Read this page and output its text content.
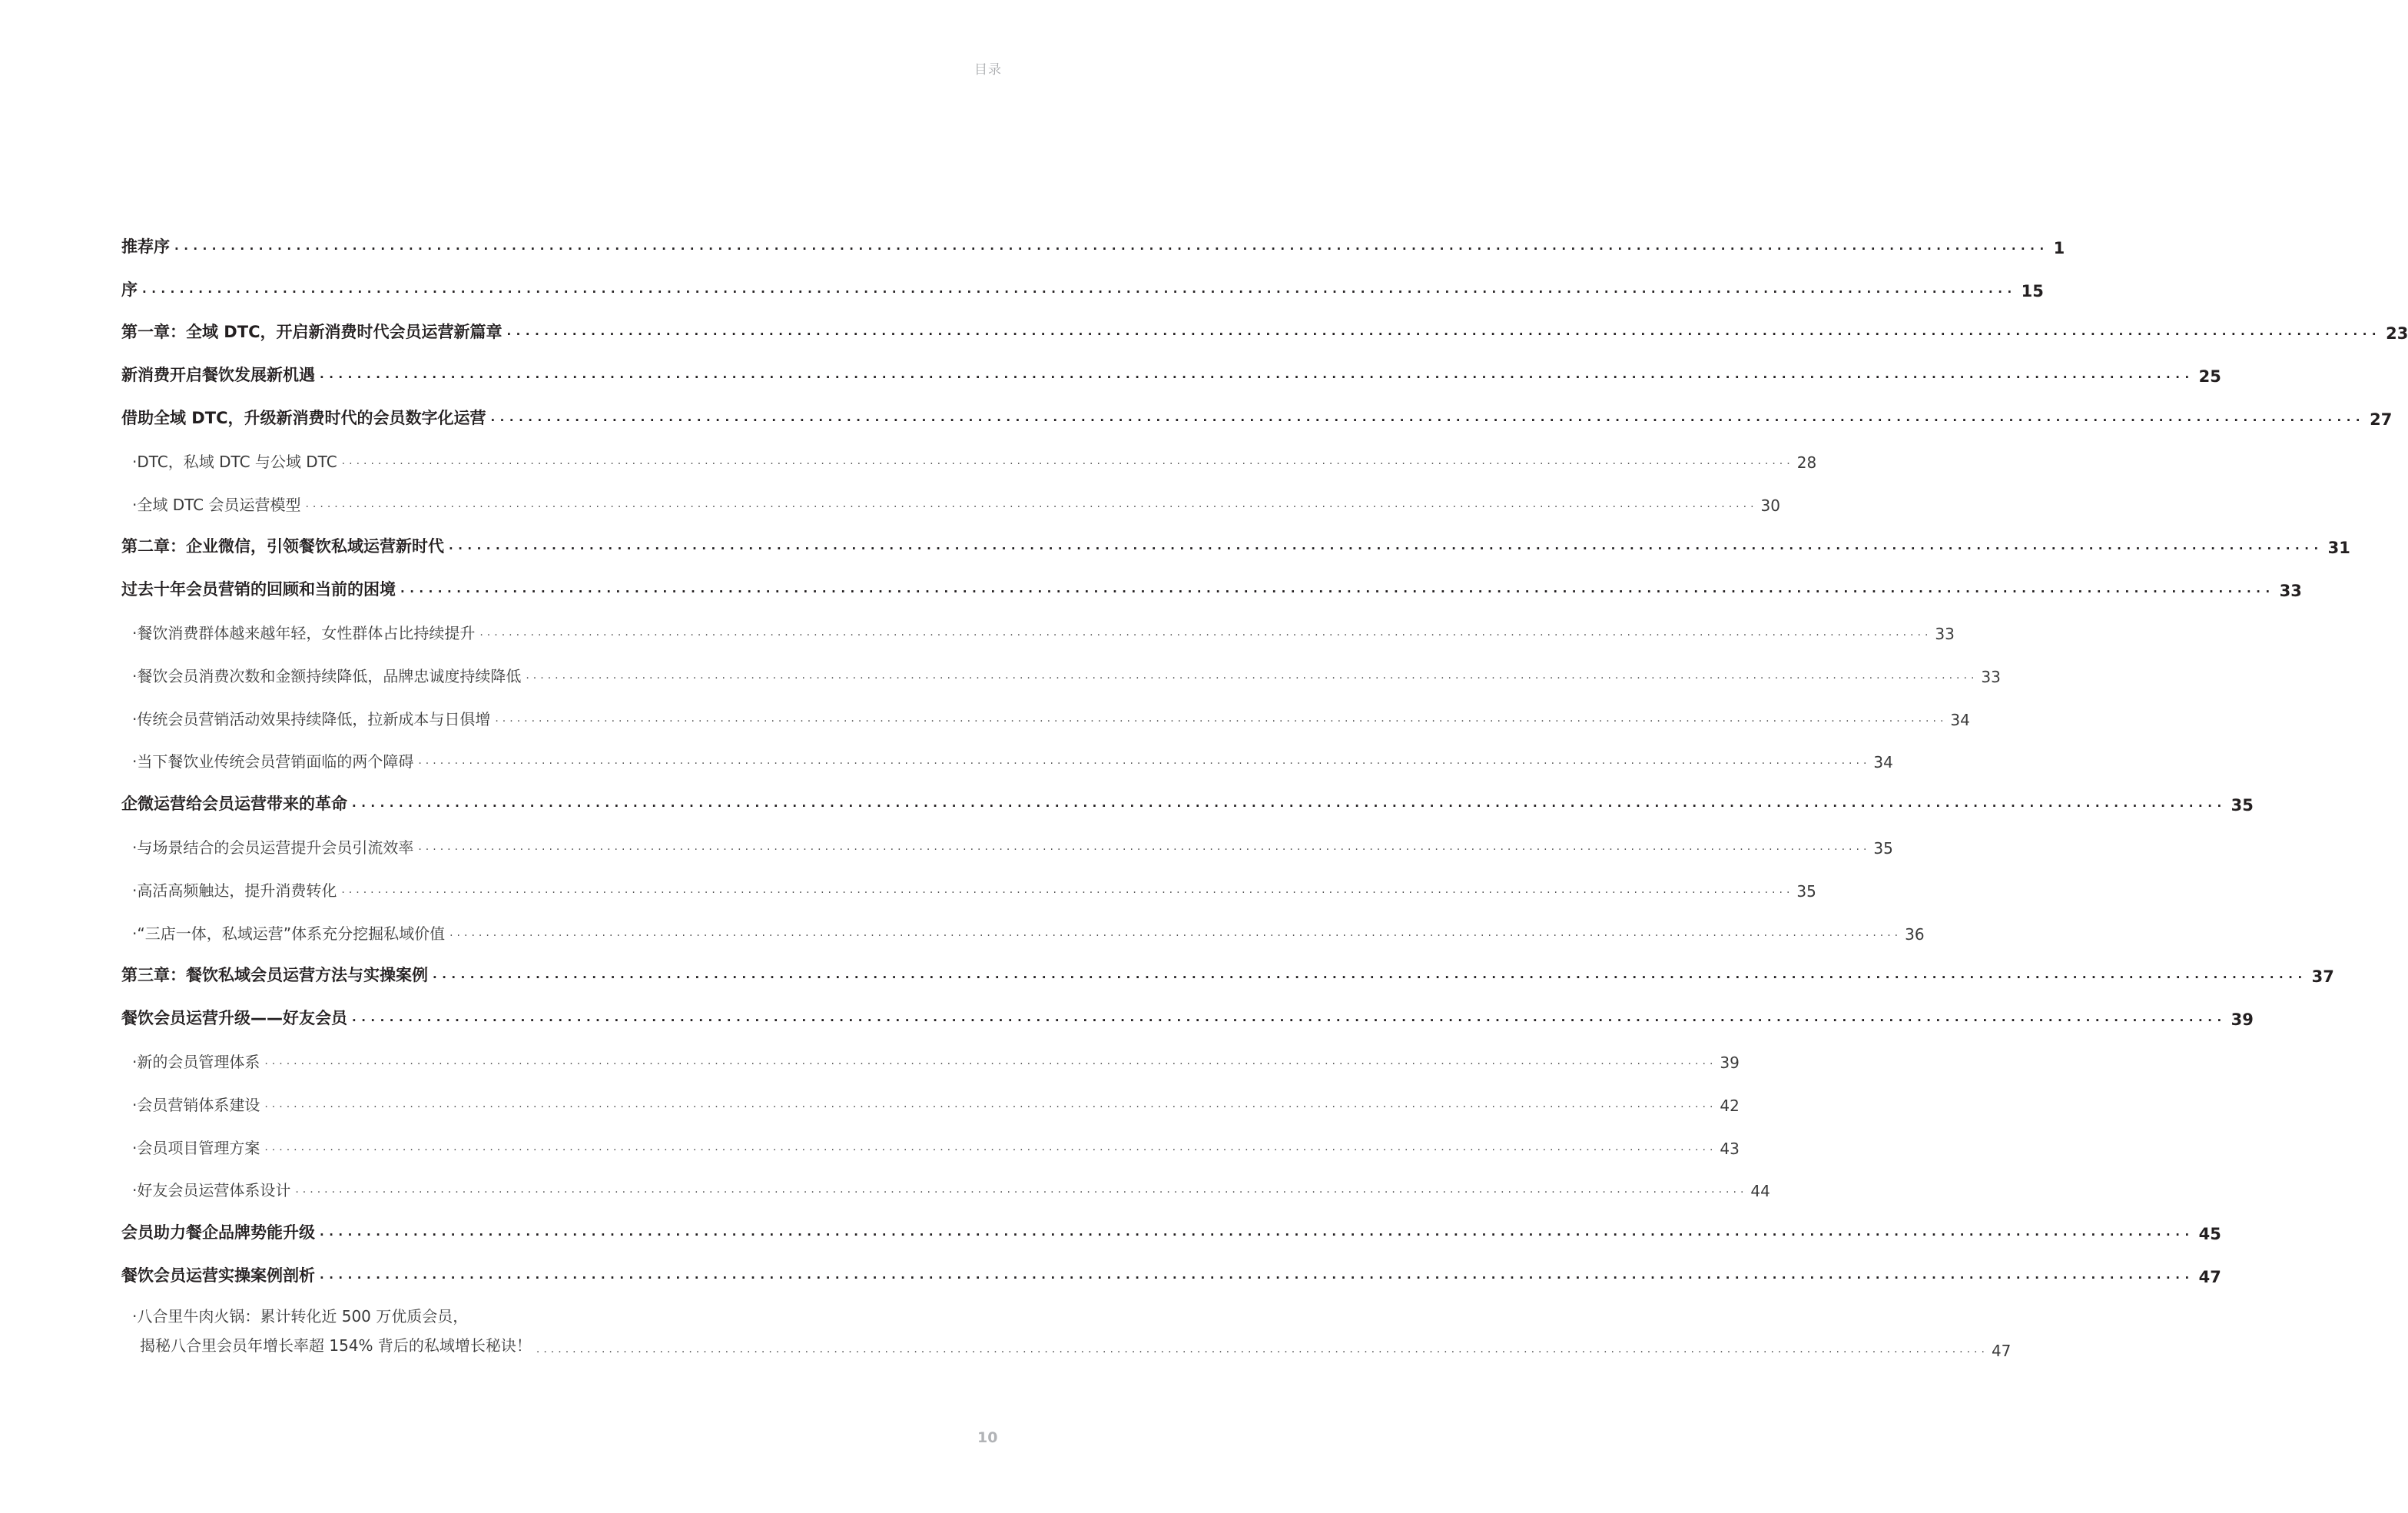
目录
推荐序 ········································································································································································································ 1
序 ········································································································································································································ 15
第一章：全域 DTC，开启新消费时代会员运营新篇章 ········································································································································································································ 23
新消费开启餐饮发展新机遇 ········································································································································································································ 25
借助全域 DTC，升级新消费时代的会员数字化运营 ········································································································································································································ 27
·DTC，私域 DTC 与公域 DTC ········································································································································································································ 28
·全域 DTC 会员运营模型 ········································································································································································································ 30
第二章：企业微信，引领餐饮私域运营新时代 ········································································································································································································ 31
过去十年会员营销的回顾和当前的困境 ········································································································································································································ 33
·餐饮消费群体越来越年轻，女性群体占比持续提升 ········································································································································································································ 33
·餐饮会员消费次数和金额持续降低，品牌忠诚度持续降低 ········································································································································································································ 33
·传统会员营销活动效果持续降低，拉新成本与日俱增 ········································································································································································································ 34
·当下餐饮业传统会员营销面临的两个障碍 ········································································································································································································ 34
企微运营给会员运营带来的革命 ········································································································································································································ 35
·与场景结合的会员运营提升会员引流效率 ········································································································································································································ 35
·高活高频触达，提升消费转化 ········································································································································································································ 35
·“三店一体，私域运营”体系充分挖掘私域价值 ········································································································································································································ 36
第三章：餐饮私域会员运营方法与实操案例 ········································································································································································································ 37
餐饮会员运营升级——好友会员 ········································································································································································································ 39
·新的会员管理体系 ········································································································································································································ 39
·会员营销体系建设 ········································································································································································································ 42
·会员项目管理方案 ········································································································································································································ 43
·好友会员运营体系设计 ········································································································································································································ 44
会员助力餐企品牌势能升级 ········································································································································································································ 45
餐饮会员运营实操案例剖析 ········································································································································································································ 47
·八合里牛肉火锅：累计转化近 500 万优质会员，
揭秘八合里会员年增长率超 154% 背后的私域增长秘诀！ ········································································································································································································ 47
10
